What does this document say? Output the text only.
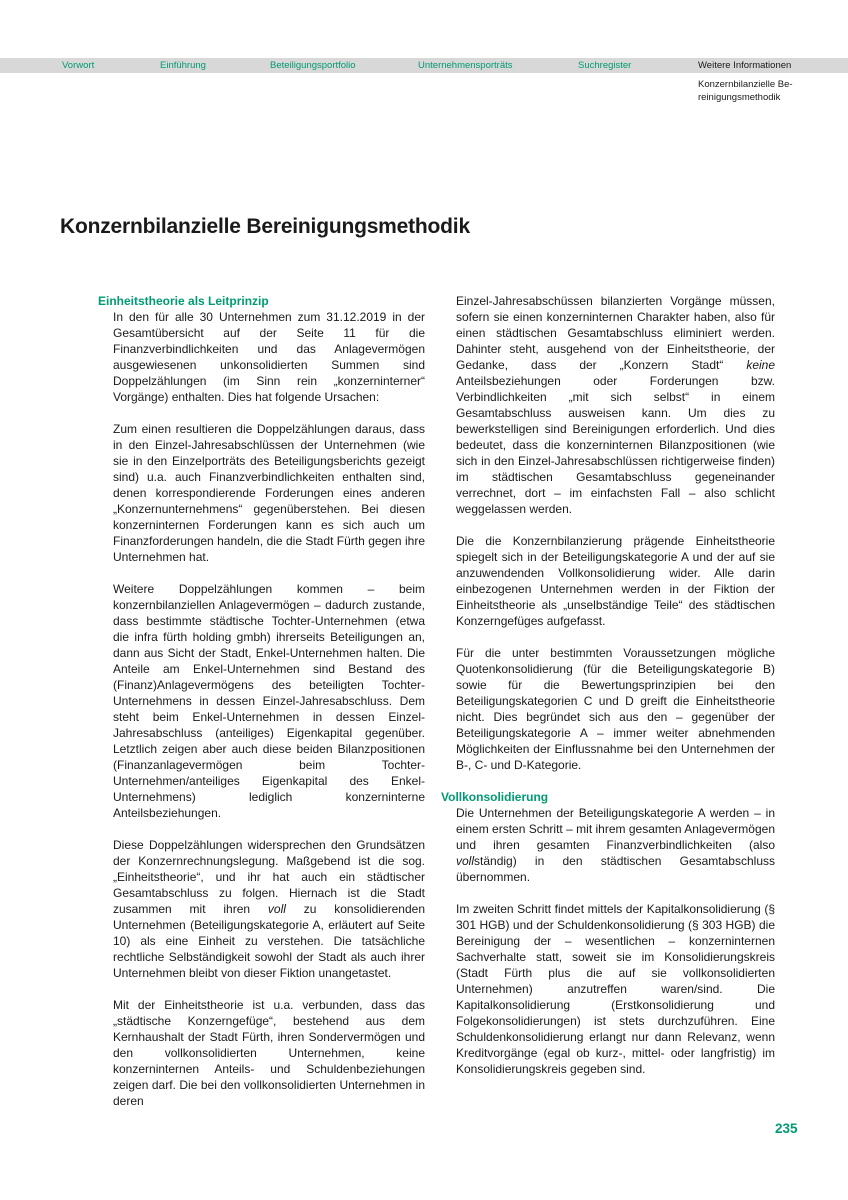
Vorwort	Einführung	Beteiligungsportfolio	Unternehmensporträts	Suchregister	Weitere Informationen
Konzernbilanzielle Be-
reinigungsmethodik
Konzernbilanzielle Bereinigungsmethodik
Einheitstheorie als Leitprinzip

In den für alle 30 Unternehmen zum 31.12.2019 in der Gesamtübersicht auf der Seite 11 für die Finanzverbindlichkeiten und das Anlagevermögen ausgewiesenen unkonsolidierten Summen sind Doppelzählungen (im Sinn rein „konzerninterner“ Vorgänge) enthalten. Dies hat folgende Ursachen:

Zum einen resultieren die Doppelzählungen daraus, dass in den Einzel-Jahresabschlüssen der Unternehmen (wie sie in den Einzelporträts des Beteiligungsberichts gezeigt sind) u.a. auch Finanzverbindlichkeiten enthalten sind, denen korrespondierende Forderungen eines anderen „Konzernunternehmens“ gegenüberstehen. Bei diesen konzerninternen Forderungen kann es sich auch um Finanzforderungen handeln, die die Stadt Fürth gegen ihre Unternehmen hat.

Weitere Doppelzählungen kommen – beim konzernbilanziellen Anlagevermögen – dadurch zustande, dass bestimmte städtische Tochter-Unternehmen (etwa die infra fürth holding gmbh) ihrerseits Beteiligungen an, dann aus Sicht der Stadt, Enkel-Unternehmen halten. Die Anteile am Enkel-Unternehmen sind Bestand des (Finanz)Anlagevermögens des beteiligten Tochter-Unternehmens in dessen Einzel-Jahresabschluss. Dem steht beim Enkel-Unternehmen in dessen Einzel-Jahresabschluss (anteiliges) Eigenkapital gegenüber. Letztlich zeigen aber auch diese beiden Bilanzpositionen (Finanzanlagevermögen beim Tochter-Unternehmen/anteiliges Eigenkapital des Enkel-Unternehmens) lediglich konzerninterne Anteilsbeziehungen.

Diese Doppelzählungen widersprechen den Grundsätzen der Konzernrechnungslegung. Maßgebend ist die sog. „Einheitstheorie“, und ihr hat auch ein städtischer Gesamtabschluss zu folgen. Hiernach ist die Stadt zusammen mit ihren voll zu konsolidierenden Unternehmen (Beteiligungskategorie A, erläutert auf Seite 10) als eine Einheit zu verstehen. Die tatsächliche rechtliche Selbständigkeit sowohl der Stadt als auch ihrer Unternehmen bleibt von dieser Fiktion unangetastet.

Mit der Einheitstheorie ist u.a. verbunden, dass das „städtische Konzerngefüge“, bestehend aus dem Kernhaushalt der Stadt Fürth, ihren Sondervermögen und den vollkonsolidierten Unternehmen, keine konzerninternen Anteils- und Schuldenbeziehungen zeigen darf. Die bei den vollkonsolidierten Unternehmen in deren

Einzel-Jahresabschüssen bilanzierten Vorgänge müssen, sofern sie einen konzerninternen Charakter haben, also für einen städtischen Gesamtabschluss eliminiert werden. Dahinter steht, ausgehend von der Einheitstheorie, der Gedanke, dass der „Konzern Stadt“ keine Anteilsbeziehungen oder Forderungen bzw. Verbindlichkeiten „mit sich selbst“ in einem Gesamtabschluss ausweisen kann. Um dies zu bewerkstelligen sind Bereinigungen erforderlich. Und dies bedeutet, dass die konzerninternen Bilanzpositionen (wie sich in den Einzel-Jahresabschlüssen richtigerweise finden) im städtischen Gesamtabschluss gegeneinander verrechnet, dort – im einfachsten Fall – also schlicht weggelassen werden.

Die die Konzernbilanzierung prägende Einheitstheorie spiegelt sich in der Beteiligungskategorie A und der auf sie anzuwendenden Vollkonsolidierung wider. Alle darin einbezogenen Unternehmen werden in der Fiktion der Einheitstheorie als „unselbständige Teile“ des städtischen Konzerngefüges aufgefasst.

Für die unter bestimmten Voraussetzungen mögliche Quotenkonsolidierung (für die Beteiligungskategorie B) sowie für die Bewertungsprinzipien bei den Beteiligungskategorien C und D greift die Einheitstheorie nicht. Dies begründet sich aus den – gegenüber der Beteiligungskategorie A – immer weiter abnehmenden Möglichkeiten der Einflussnahme bei den Unternehmen der B-, C- und D-Kategorie.

Vollkonsolidierung

Die Unternehmen der Beteiligungskategorie A werden – in einem ersten Schritt – mit ihrem gesamten Anlagevermögen und ihren gesamten Finanzverbindlichkeiten (also vollständig) in den städtischen Gesamtabschluss übernommen.

Im zweiten Schritt findet mittels der Kapitalkonsolidierung (§ 301 HGB) und der Schuldenkonsolidierung (§ 303 HGB) die Bereinigung der – wesentlichen – konzerninternen Sachverhalte statt, soweit sie im Konsolidierungskreis (Stadt Fürth plus die auf sie vollkonsolidierten Unternehmen) anzutreffen waren/sind. Die Kapitalkonsolidierung (Erstkonsolidierung und Folgekonsolidierungen) ist stets durchzuführen. Eine Schuldenkonsolidierung erlangt nur dann Relevanz, wenn Kreditvorgänge (egal ob kurz-, mittel- oder langfristig) im Konsolidierungskreis gegeben sind.

235
